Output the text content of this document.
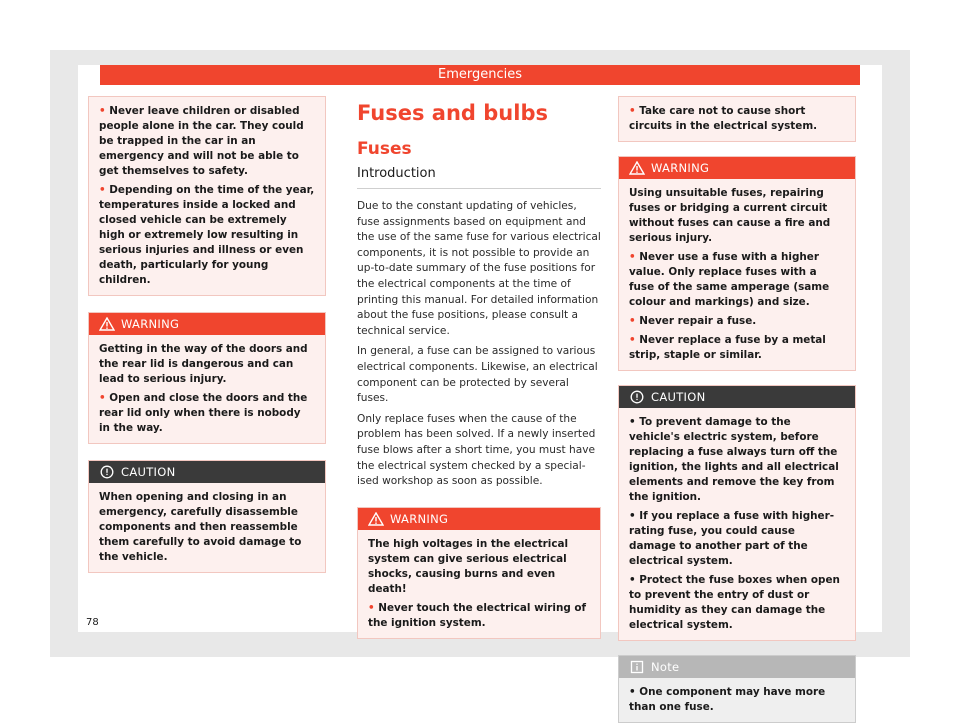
Emergencies

• Never leave children or disabled people alone in the car. They could be trapped in the car in an emergency and will not be able to get themselves to safety.

• Depending on the time of the year, temperatures inside a locked and closed vehicle can be extremely high or extremely low resulting in serious injuries and illness or even death, particularly for young children.

WARNING

Getting in the way of the doors and the rear lid is dangerous and can lead to serious injury.

• Open and close the doors and the rear lid only when there is nobody in the way.

CAUTION

When opening and closing in an emergency, carefully disassemble components and then reassemble them carefully to avoid damage to the vehicle.

Fuses and bulbs
Fuses
Introduction

Due to the constant updating of vehicles, fuse assignments based on equipment and the use of the same fuse for various electrical components, it is not possible to provide an up-to-date summary of the fuse positions for the electrical components at the time of printing this manual. For detailed information about the fuse positions, please consult a technical service.

In general, a fuse can be assigned to various electrical components. Likewise, an electrical component can be protected by several fuses.

Only replace fuses when the cause of the problem has been solved. If a newly inserted fuse blows after a short time, you must have the electrical system checked by a specialised workshop as soon as possible.

WARNING

The high voltages in the electrical system can give serious electrical shocks, causing burns and even death!

• Never touch the electrical wiring of the ignition system.

• Take care not to cause short circuits in the electrical system.

WARNING

Using unsuitable fuses, repairing fuses or bridging a current circuit without fuses can cause a fire and serious injury.

• Never use a fuse with a higher value. Only replace fuses with a fuse of the same amperage (same colour and markings) and size.

• Never repair a fuse.

• Never replace a fuse by a metal strip, staple or similar.

CAUTION

• To prevent damage to the vehicle's electric system, before replacing a fuse always turn off the ignition, the lights and all electrical elements and remove the key from the ignition.

• If you replace a fuse with higher-rating fuse, you could cause damage to another part of the electrical system.

• Protect the fuse boxes when open to prevent the entry of dust or humidity as they can damage the electrical system.

Note

• One component may have more than one fuse.

78
